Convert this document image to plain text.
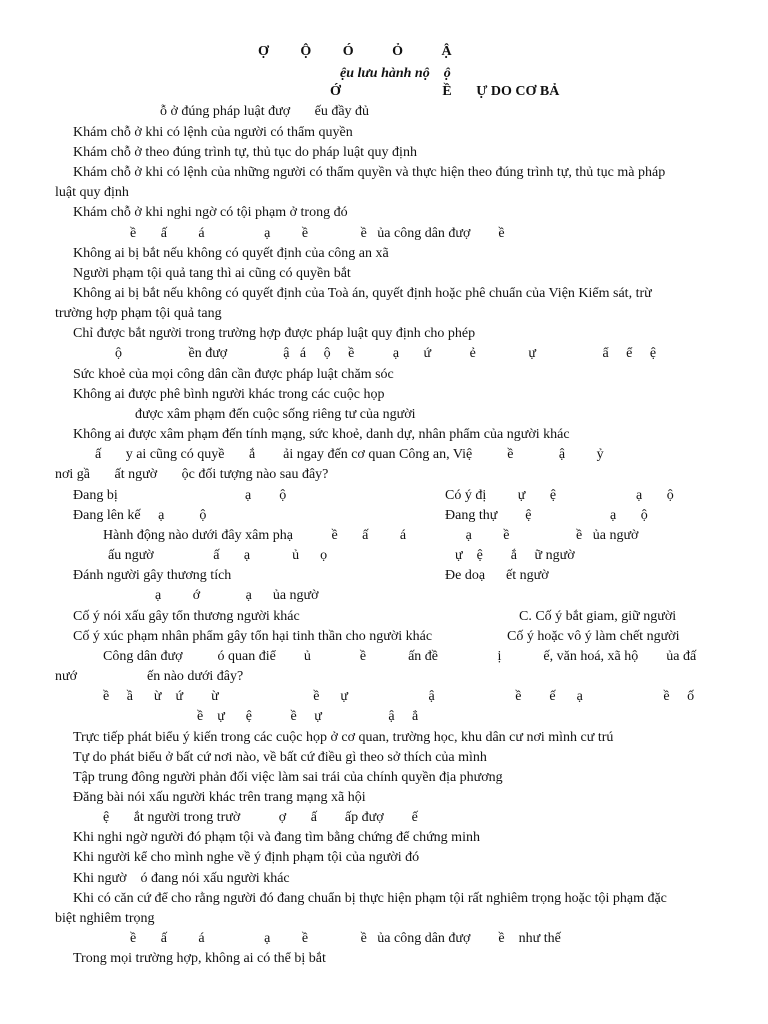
Ợ         Ộ         Ó           Ỏ           Ậ
ệu lưu hành nộ    ộ
Ớ                             Ề       Ự DO CƠ BẢ
ỗ ở đúng pháp luật đượ       ếu đầy đủ
Khám chỗ ở khi có lệnh của người có thẩm quyền
Khám chỗ ở theo đúng trình tự, thủ tục do pháp luật quy định
Khám chỗ ở khi có lệnh của những người có thẩm quyền và thực hiện theo đúng trình tự, thủ tục mà pháp
luật quy định
Khám chỗ ở khi nghi ngờ có tội phạm ở trong đó
ề       ấ         á                 ạ         ề               ề   ủa công dân đượ        ề
Không ai bị bắt nếu không có quyết định của công an xã
Người phạm tội quả tang thì ai cũng có quyền bắt
Không ai bị bắt nếu không có quyết định của Toà án, quyết định hoặc phê chuẩn của Viện Kiểm sát, trừ
trường hợp phạm tội quả tang
Chỉ được bắt người trong trường hợp được pháp luật quy định cho phép
ộ                   ền đượ                ậ   á     ộ     ề           ạ       ứ           ẻ               ự                   ẩ     ể     ệ
Sức khoẻ của mọi công dân cần được pháp luật chăm sóc
Không ai được phê bình người khác trong các cuộc họp
được xâm phạm đến cuộc sống riêng tư của người
Không ai được xâm phạm đến tính mạng, sức khoẻ, danh dự, nhân phẩm của người khác
ấ       y ai cũng có quyề       ắ        ải ngay đến cơ quan Công an, Việ          ề             ậ         ỷ
nơi gầ       ất ngườ       ộc đối tượng nào sau đây?
Đang bị	ạ        ộ	Có ý đị         ự       ệ	ạ       ộ
Đang lên kế     ạ          ộ	Đang thự        ệ	ạ       ộ
Hành động nào dưới đây xâm phạ           ề       ấ         á                 ạ         ề                   ề   ủa ngườ
ấu ngườ                 ấ       ạ            ủ      ọ	ự    ệ        ắ     ữ ngườ
Đánh người gây thương tích	Đe doạ      ết ngườ
ạ         ớ             ạ      ủa ngườ
Cố ý nói xấu gây tổn thương người khác	C. Cố ý bắt giam, giữ người
Cố ý xúc phạm nhân phẩm gây tổn hại tinh thần cho người khác	Cố ý hoặc vô ý làm chết người
Công dân đượ          ó quan điể        ủ              ề            ấn đề                 ị            ế, văn hoá, xã hộ        ủa đấ
nướ                    ến nào dưới đây?
ề     ầ      ừ    ứ        ừ                           ề      ự                       ậ                       ề        ế      ạ                       ề     ố
ề    ự      ệ           ề     ự                   ậ     ẳ
Trực tiếp phát biểu ý kiến trong các cuộc họp ở cơ quan, trường học, khu dân cư nơi mình cư trú
Tự do phát biểu ở bất cứ nơi nào, về bất cứ điều gì theo sở thích của mình
Tập trung đông người phản đối việc làm sai trái của chính quyền địa phương
Đăng bài nói xấu người khác trên trang mạng xã hội
ệ       ắt người trong trườ           ợ       ấ        ấp đượ        ế
Khi nghi ngờ người đó phạm tội và đang tìm bằng chứng để chứng minh
Khi người kể cho mình nghe về ý định phạm tội của người đó
Khi ngườ    ó đang nói xấu người khác
Khi có căn cứ để cho rằng người đó đang chuẩn bị thực hiện phạm tội rất nghiêm trọng hoặc tội phạm đặc
biệt nghiêm trọng
ề       ấ         á                 ạ         ề               ề   ủa công dân đượ        ề    như thế
Trong mọi trường hợp, không ai có thể bị bắt
